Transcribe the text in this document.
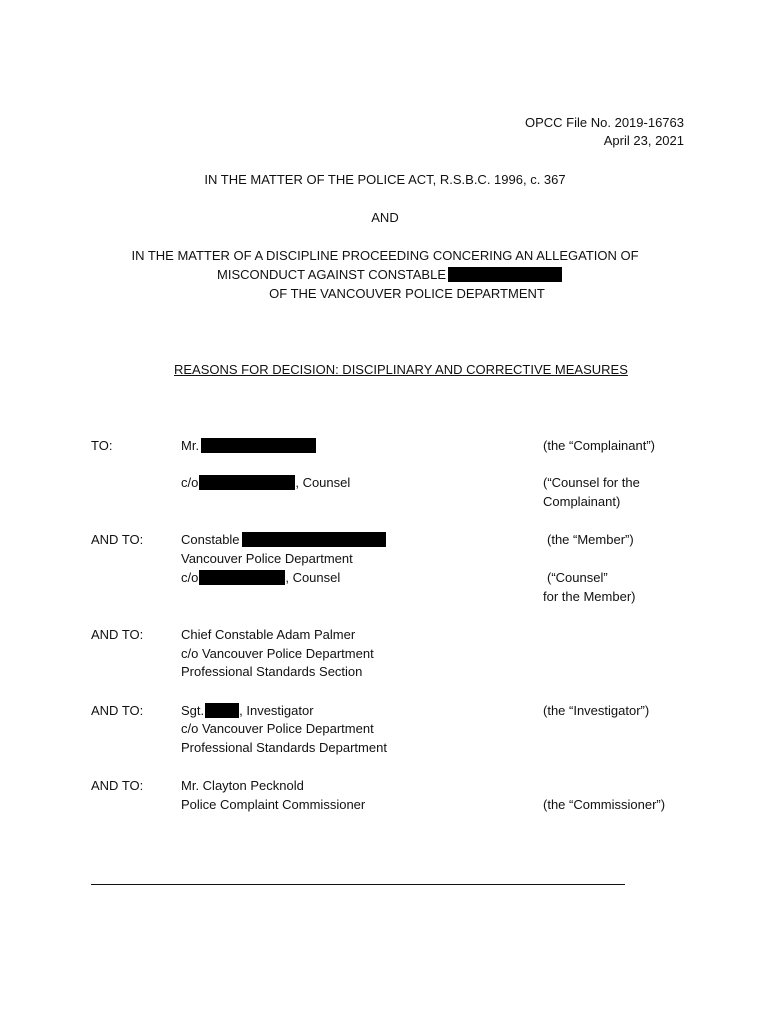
OPCC File No. 2019-16763
April 23, 2021
IN THE MATTER OF THE POLICE ACT, R.S.B.C. 1996, c. 367
AND
IN THE MATTER OF A DISCIPLINE PROCEEDING CONCERING AN ALLEGATION OF
MISCONDUCT AGAINST CONSTABLE
OF THE VANCOUVER POLICE DEPARTMENT
REASONS FOR DECISION: DISCIPLINARY AND CORRECTIVE MEASURES
TO:	Mr.	(the “Complainant”)
c/o	, Counsel	(“Counsel for the
Complainant)
AND TO:	Constable	(the “Member”)
Vancouver Police Department
c/o	, Counsel	(“Counsel”
for the Member)
AND TO:	Chief Constable Adam Palmer
c/o Vancouver Police Department
Professional Standards Section
AND TO:	Sgt.	, Investigator	(the “Investigator”)
c/o Vancouver Police Department
Professional Standards Department
AND TO:	Mr. Clayton Pecknold
Police Complaint Commissioner	(the “Commissioner”)
